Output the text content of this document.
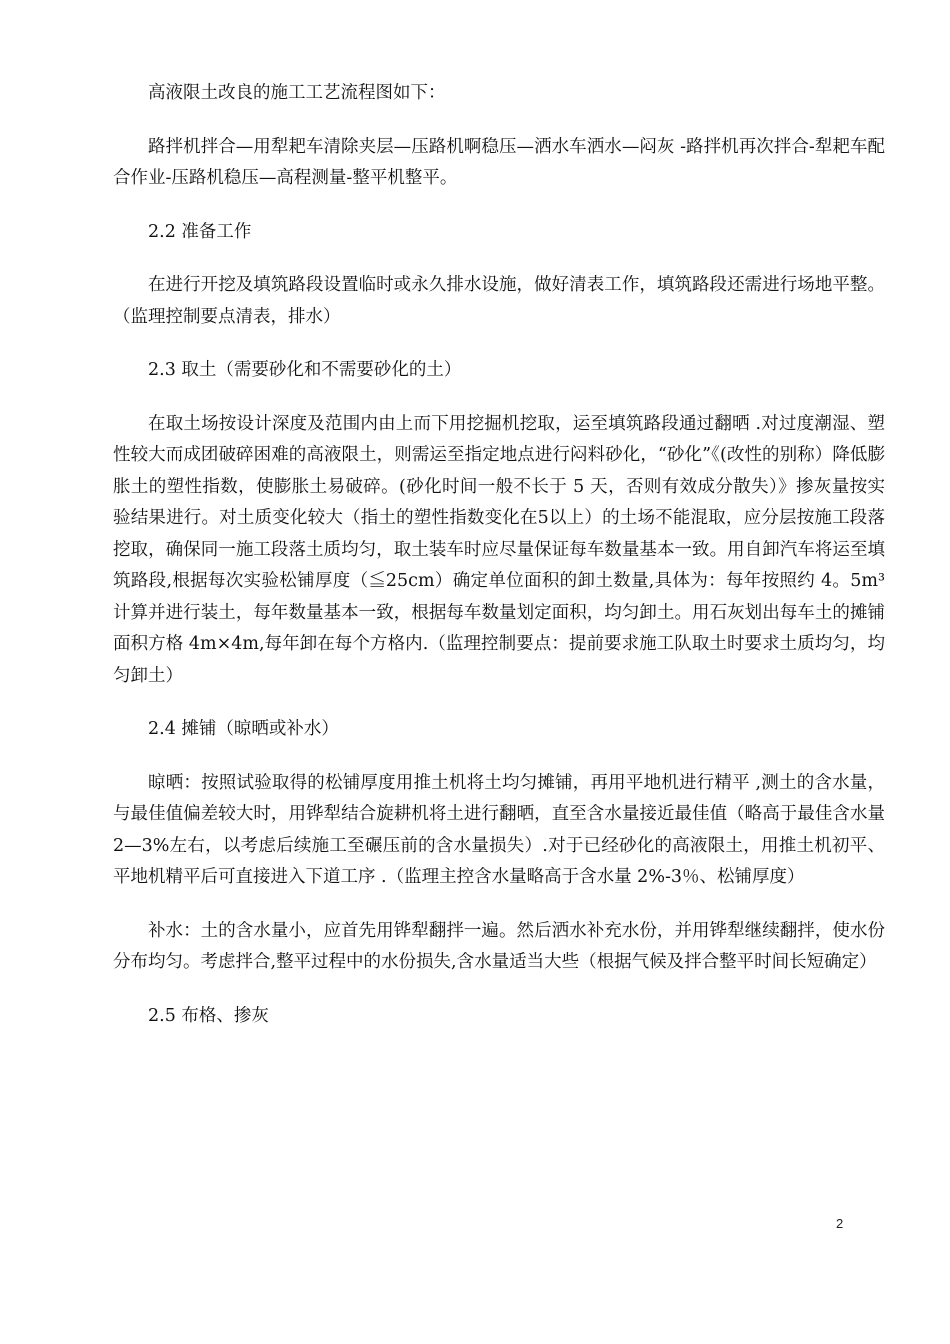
高液限土改良的施工工艺流程图如下：

路拌机拌合—用犁耙车清除夹层—压路机啊稳压—洒水车洒水—闷灰 -路拌机再次拌合-犁耙车配合作业-压路机稳压—高程测量-整平机整平。

2.2 准备工作

在进行开挖及填筑路段设置临时或永久排水设施，做好清表工作，填筑路段还需进行场地平整。（监理控制要点清表，排水）

2.3 取土（需要砂化和不需要砂化的土）

在取土场按设计深度及范围内由上而下用挖掘机挖取，运至填筑路段通过翻晒 .对过度潮湿、塑性较大而成团破碎困难的高液限土，则需运至指定地点进行闷料砂化，“砂化”《(改性的别称）降低膨胀土的塑性指数，使膨胀土易破碎。(砂化时间一般不长于 5 天，否则有效成分散失）》掺灰量按实验结果进行。对土质变化较大（指土的塑性指数变化在5以上）的土场不能混取，应分层按施工段落挖取，确保同一施工段落土质均匀，取土装车时应尽量保证每车数量基本一致。用自卸汽车将运至填筑路段,根据每次实验松铺厚度（≦25cm）确定单位面积的卸土数量,具体为：每年按照约 4。5m³ 计算并进行装土，每年数量基本一致，根据每车数量划定面积，均匀卸土。用石灰划出每车土的摊铺面积方格 4m×4m,每年卸在每个方格内.（监理控制要点：提前要求施工队取土时要求土质均匀，均匀卸土）

2.4 摊铺（晾晒或补水）

晾晒：按照试验取得的松铺厚度用推土机将土均匀摊铺，再用平地机进行精平 ,测土的含水量，与最佳值偏差较大时，用铧犁结合旋耕机将土进行翻晒，直至含水量接近最佳值（略高于最佳含水量 2—3%左右，以考虑后续施工至碾压前的含水量损失）.对于已经砂化的高液限土，用推土机初平、平地机精平后可直接进入下道工序 .（监理主控含水量略高于含水量 2%-3％、松铺厚度）

补水：土的含水量小，应首先用铧犁翻拌一遍。然后洒水补充水份，并用铧犁继续翻拌，使水份分布均匀。考虑拌合,整平过程中的水份损失,含水量适当大些（根据气候及拌合整平时间长短确定）

2.5 布格、掺灰

2
